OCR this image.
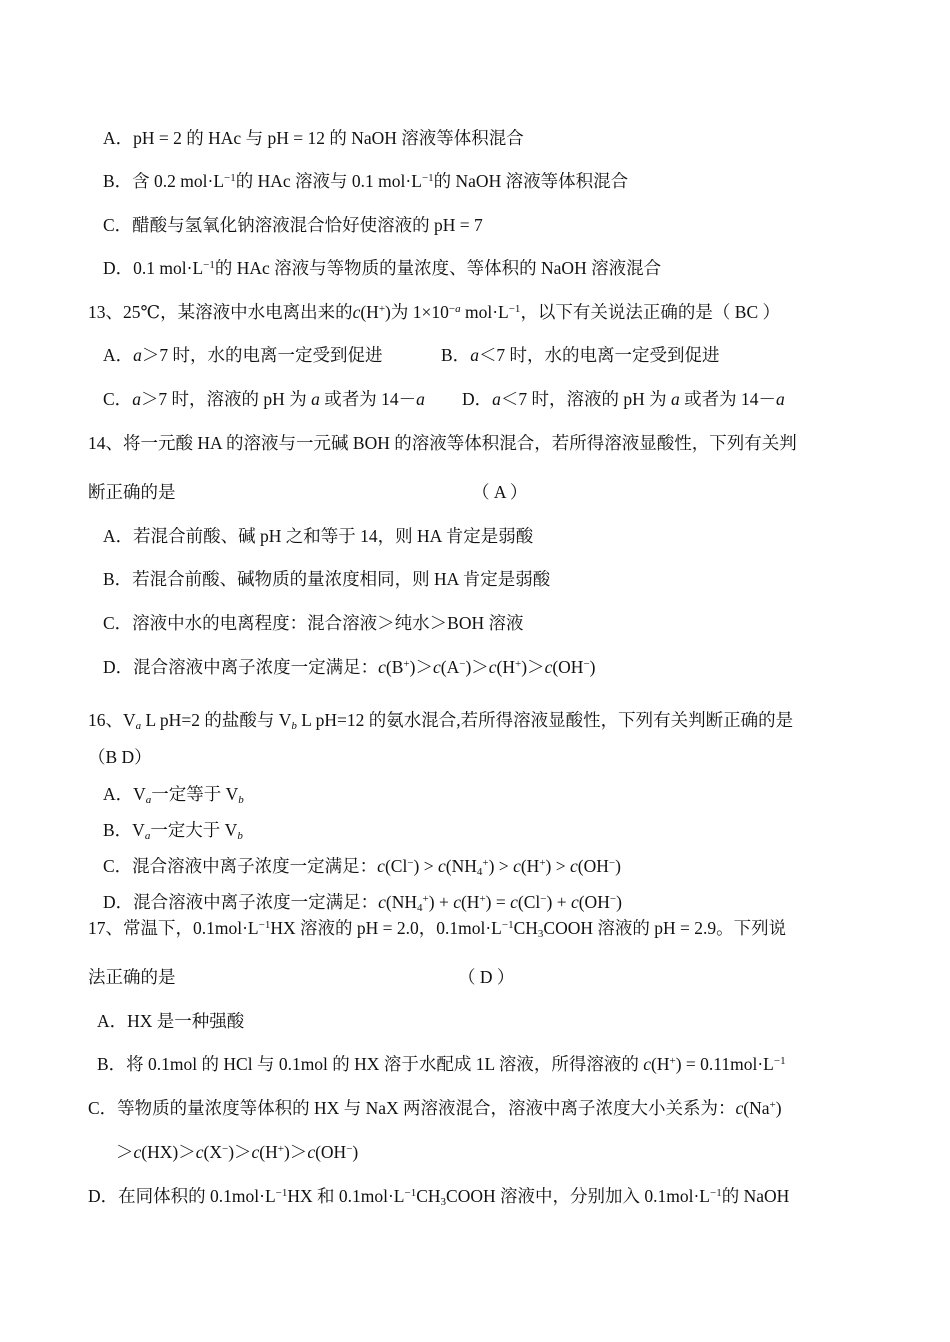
A．pH = 2 的 HAc 与 pH = 12 的 NaOH 溶液等体积混合
B．含 0.2 $mol\cdot L^{-1}$的 HAc 溶液与 0.1 $mol\cdot L^{-1}$的 NaOH 溶液等体积混合
C．醋酸与氢氧化钠溶液混合恰好使溶液的 pH = 7
D．0.1 $mol\cdot L^{-1}$的 HAc 溶液与等物质的量浓度、等体积的 NaOH 溶液混合
13、25℃，某溶液中水电离出来的c(H+)为 $1\times 10^{-a}$ $mol\cdot L^{-1}$，以下有关说法正确的是（ BC ）
A．a＞7 时，水的电离一定受到促进	B．a＜7 时，水的电离一定受到促进
C．a＞7 时，溶液的 pH 为 a 或者为 14－a D．a＜7 时，溶液的 pH 为 a 或者为 14－a
14、将一元酸 HA 的溶液与一元碱 BOH 的溶液等体积混合，若所得溶液显酸性，下列有关判
断正确的是	（ A ）
A．若混合前酸、碱 pH 之和等于 14，则 HA 肯定是弱酸
B．若混合前酸、碱物质的量浓度相同，则 HA 肯定是弱酸
C．溶液中水的电离程度：混合溶液＞纯水＞BOH 溶液
D．混合溶液中离子浓度一定满足：c(B+)＞c(A−)＞c(H+)＞c(OH−)
16、$V_a$ L pH=2 的盐酸与 $V_b$ L pH=12 的氨水混合,若所得溶液显酸性，下列有关判断正确的是
（B D）
A．$V_a$一定等于 $V_b$
B．$V_a$一定大于 $V_b$
C．混合溶液中离子浓度一定满足：$c(Cl^-) > c(NH_4^+) > c(H^+) > c(OH^-)$
D．混合溶液中离子浓度一定满足：$c(NH_4^+) + c(H^+) = c(Cl^-) + c(OH^-)$
17、常温下，$0.1mol\cdot L^{-1}HX$ 溶液的 pH = 2.0，$0.1mol\cdot L^{-1}CH_3COOH$ 溶液的 pH = 2.9。下列说
法正确的是	（ D ）
A．HX 是一种强酸
B．将 0.1mol 的 HCl 与 0.1mol 的 HX 溶于水配成 1L 溶液，所得溶液的 $c(H^+) = 0.11mol\cdot L^{-1}$
C．等物质的量浓度等体积的 HX 与 NaX 两溶液混合，溶液中离子浓度大小关系为：c(Na+)
＞c(HX)＞c(X−)＞c(H+)＞c(OH−)
D．在同体积的 $0.1mol\cdot L^{-1}HX$ 和 $0.1mol\cdot L^{-1}CH_3COOH$ 溶液中，分别加入 $0.1mol\cdot L^{-1}$的 NaOH
